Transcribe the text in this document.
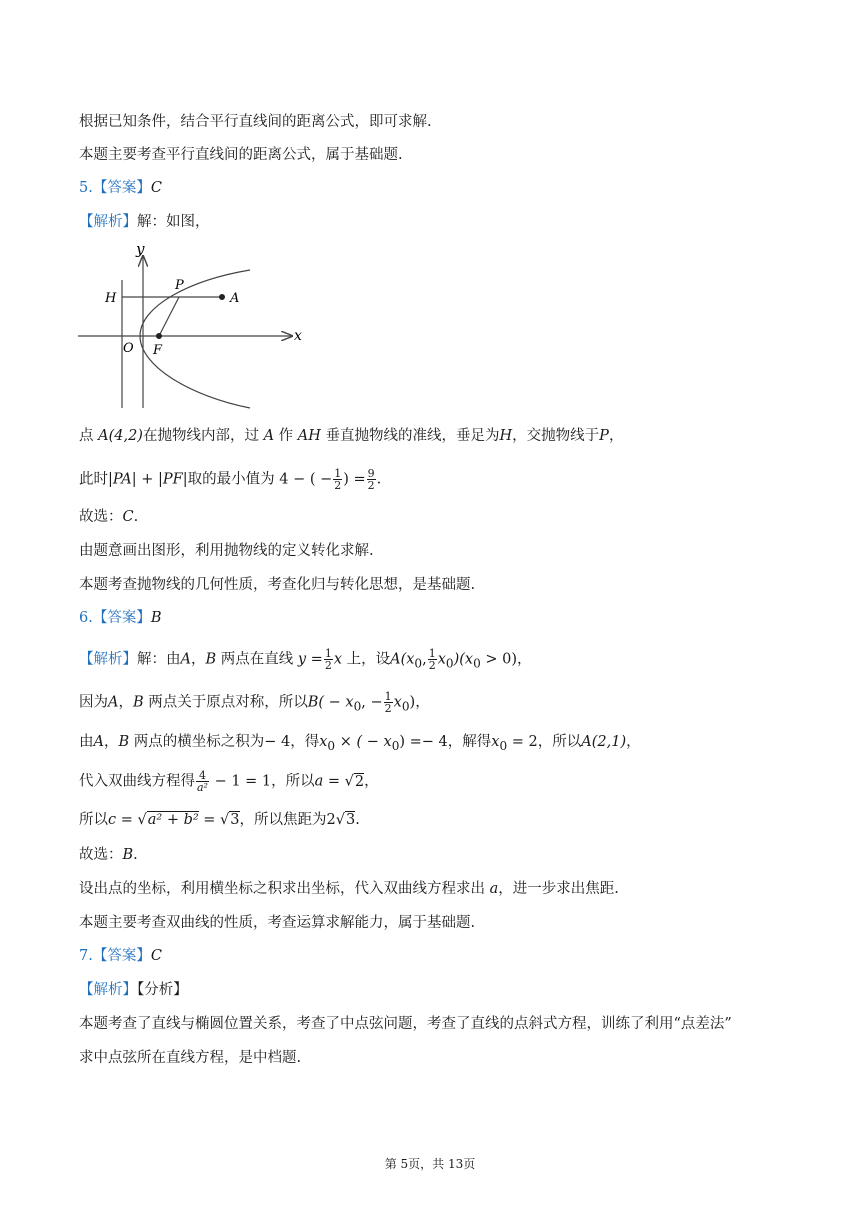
根据已知条件，结合平行直线间的距离公式，即可求解.
本题主要考查平行直线间的距离公式，属于基础题.
5.【答案】C
【解析】解：如图，
y
x
H
P
A
O F
点 A(4,2)在抛物线内部，过 A 作 AH 垂直抛物线的准线，垂足为H，交抛物线于P，
此时|PA| + |PF|取的最小值为 4 − ( − $\frac{1}{2}$ ) = $\frac{9}{2}$ .
故选：C.
由题意画出图形，利用抛物线的定义转化求解.
本题考查抛物线的几何性质，考查化归与转化思想，是基础题.
6.【答案】B
【解析】解：由A，B 两点在直线 $y = \frac{1}{2}$ x 上，设$A(x_0$, $\frac{1}{2} x_0)(x_0 > 0)$，
因为A，B 两点关于原点对称，所以$B( - x_0$, − $\frac{1}{2} x_0$)，
由A，B 两点的横坐标之积为− 4，得$x_0$ × ( − $x_0) =- 4$，解得$x_0 = 2$，所以A(2,1)，
代入双曲线方程得 $\frac{4}{\text{a²}} - 1 = 1$，所以a = √2，
所以c = √a² + b² = √3，所以焦距为2√3.
故选：B.
设出点的坐标，利用横坐标之积求出坐标，代入双曲线方程求出 a，进一步求出焦距.
本题主要考查双曲线的性质，考查运算求解能力，属于基础题.
7.【答案】C
【解析】【分析】
本题考查了直线与椭圆位置关系，考查了中点弦问题，考查了直线的点斜式方程，训练了利用“点差法”
求中点弦所在直线方程，是中档题.
第 5页，共 13页
